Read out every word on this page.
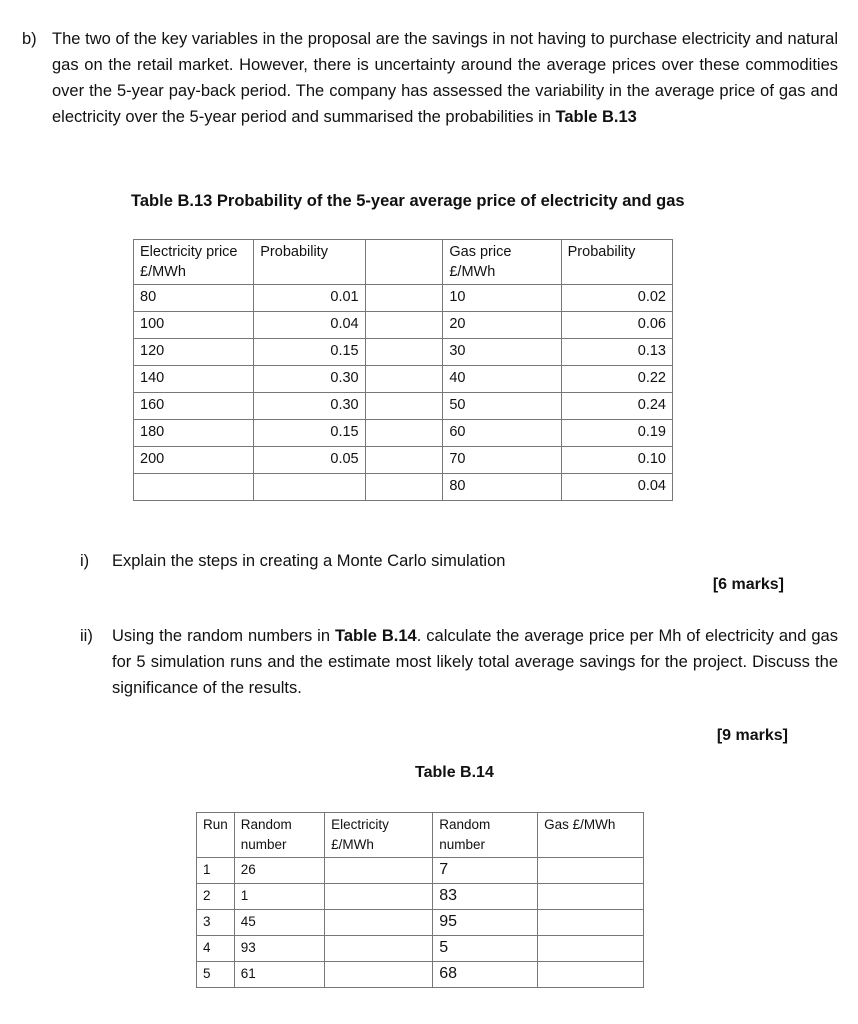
b) The two of the key variables in the proposal are the savings in not having to purchase electricity and natural gas on the retail market. However, there is uncertainty around the average prices over these commodities over the 5-year pay-back period. The company has assessed the variability in the average price of gas and electricity over the 5-year period and summarised the probabilities in Table B.13
Table B.13 Probability of the 5-year average price of electricity and gas
Electricity price £/MWh	Probability		Gas price £/MWh	Probability
80	0.01		10	0.02
100	0.04		20	0.06
120	0.15		30	0.13
140	0.30		40	0.22
160	0.30		50	0.24
180	0.15		60	0.19
200	0.05		70	0.10
			80	0.04
i) Explain the steps in creating a Monte Carlo simulation
[6 marks]
ii) Using the random numbers in Table B.14. calculate the average price per Mh of electricity and gas for 5 simulation runs and the estimate most likely total average savings for the project. Discuss the significance of the results.
[9 marks]
Table B.14
Run	Random number	Electricity £/MWh	Random number	Gas £/MWh
1	26		7	
2	1		83	
3	45		95	
4	93		5	
5	61		68	
